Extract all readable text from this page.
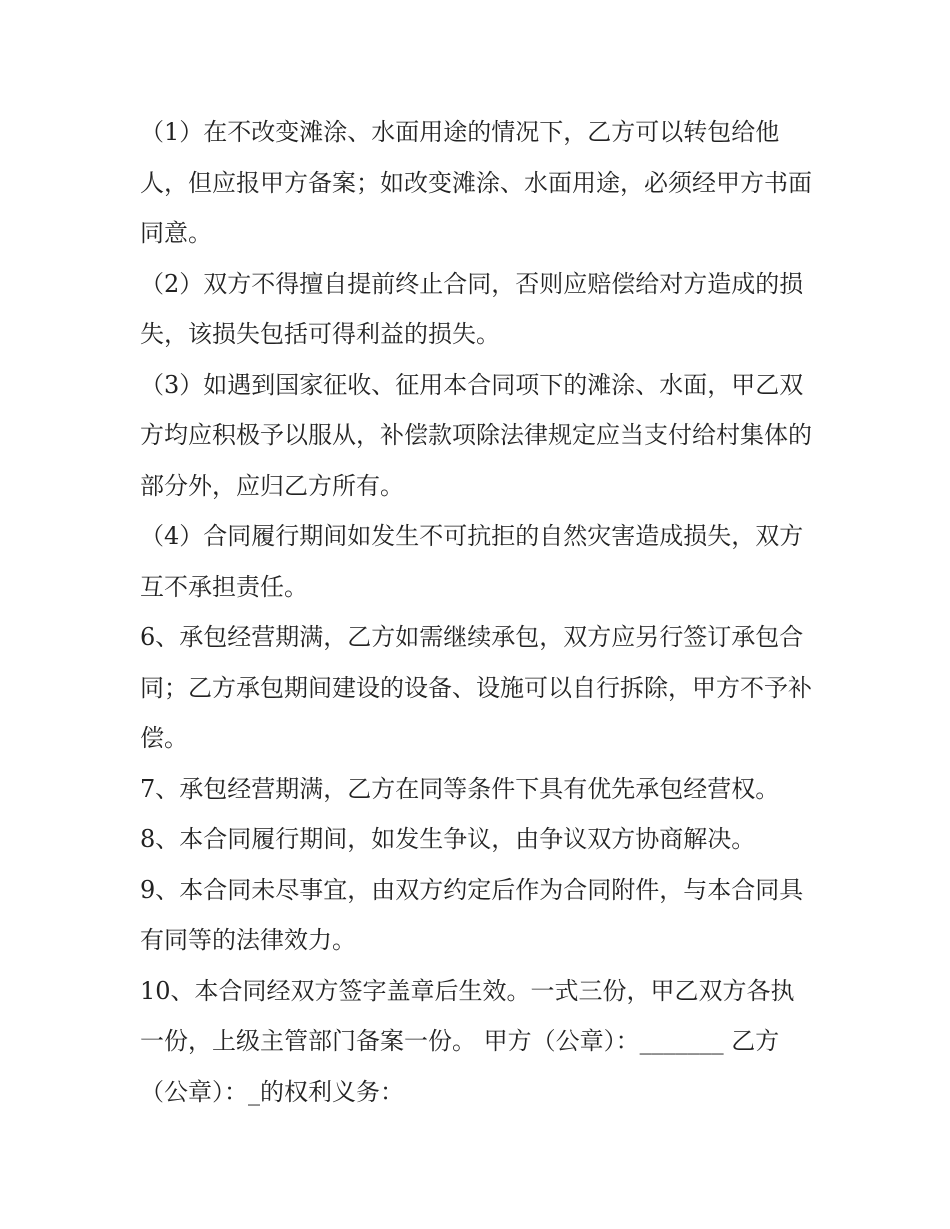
（1）在不改变滩涂、水面用途的情况下，乙方可以转包给他人，但应报甲方备案；如改变滩涂、水面用途，必须经甲方书面同意。

（2）双方不得擅自提前终止合同，否则应赔偿给对方造成的损失，该损失包括可得利益的损失。

（3）如遇到国家征收、征用本合同项下的滩涂、水面，甲乙双方均应积极予以服从，补偿款项除法律规定应当支付给村集体的部分外，应归乙方所有。

（4）合同履行期间如发生不可抗拒的自然灾害造成损失，双方互不承担责任。

6、承包经营期满，乙方如需继续承包，双方应另行签订承包合同；乙方承包期间建设的设备、设施可以自行拆除，甲方不予补偿。

7、承包经营期满，乙方在同等条件下具有优先承包经营权。

8、本合同履行期间，如发生争议，由争议双方协商解决。

9、本合同未尽事宜，由双方约定后作为合同附件，与本合同具有同等的法律效力。

10、本合同经双方签字盖章后生效。一式三份，甲乙双方各执一份，上级主管部门备案一份。 甲方（公章）：_______ 乙方（公章）：_的权利义务：
